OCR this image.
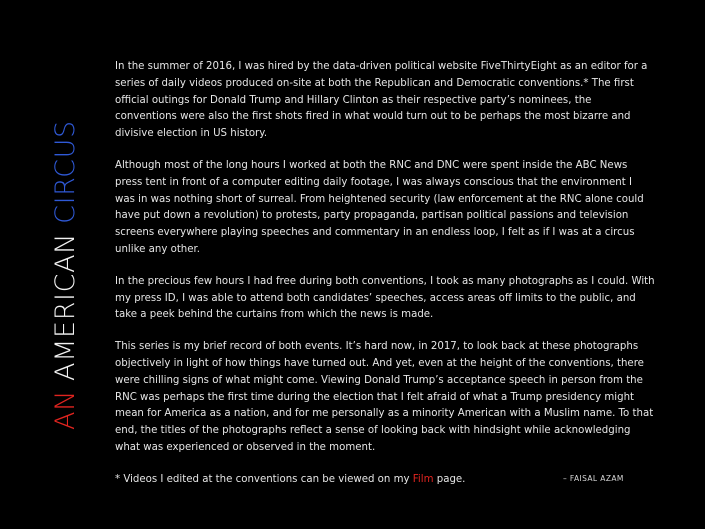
AN AMERICAN CIRCUS

In the summer of 2016, I was hired by the data-driven political website FiveThirtyEight as an editor for a series of daily videos produced on-site at both the Republican and Democratic conventions.* The first official outings for Donald Trump and Hillary Clinton as their respective party’s nominees, the conventions were also the first shots fired in what would turn out to be perhaps the most bizarre and divisive election in US history.

Although most of the long hours I worked at both the RNC and DNC were spent inside the ABC News press tent in front of a computer editing daily footage, I was always conscious that the environment I was in was nothing short of surreal. From heightened security (law enforcement at the RNC alone could have put down a revolution) to protests, party propaganda, partisan political passions and television screens everywhere playing speeches and commentary in an endless loop, I felt as if I was at a circus unlike any other.

In the precious few hours I had free during both conventions, I took as many photographs as I could. With my press ID, I was able to attend both candidates’ speeches, access areas off limits to the public, and take a peek behind the curtains from which the news is made.

This series is my brief record of both events. It’s hard now, in 2017, to look back at these photographs objectively in light of how things have turned out. And yet, even at the height of the conventions, there were chilling signs of what might come. Viewing Donald Trump’s acceptance speech in person from the RNC was perhaps the first time during the election that I felt afraid of what a Trump presidency might mean for America as a nation, and for me personally as a minority American with a Muslim name. To that end, the titles of the photographs reflect a sense of looking back with hindsight while acknowledging what was experienced or observed in the moment.

* Videos I edited at the conventions can be viewed on my Film page.	– FAISAL AZAM
